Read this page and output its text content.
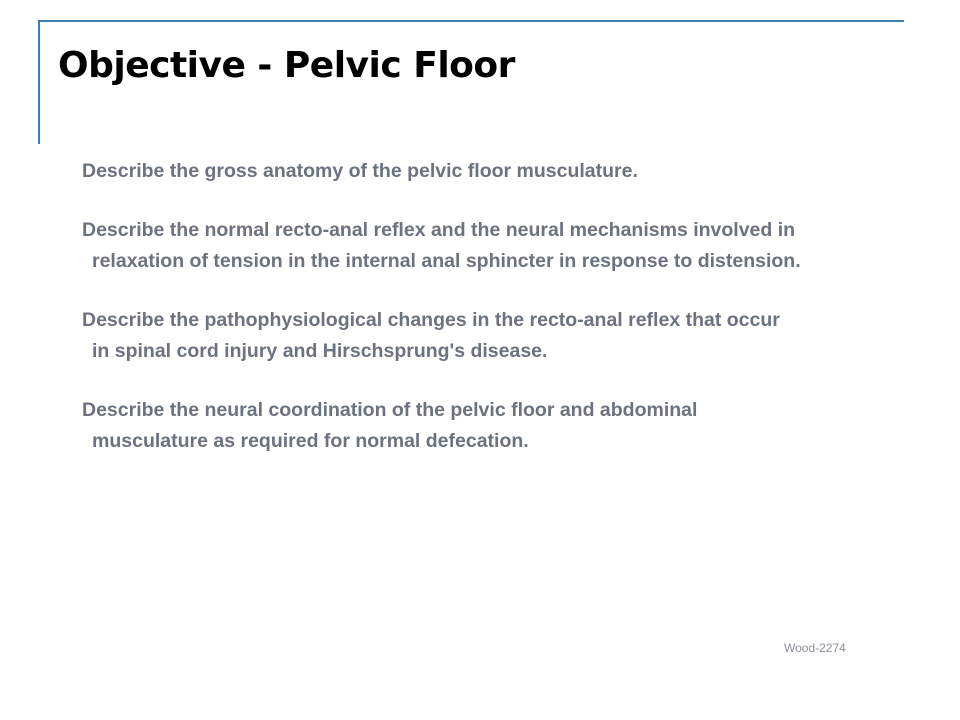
Objective - Pelvic Floor
Describe the gross anatomy of the pelvic floor musculature.
Describe the normal recto-anal reflex and the neural mechanisms involved in relaxation of tension in the internal anal sphincter in response to distension.
Describe the pathophysiological changes in the recto-anal reflex that occur in spinal cord injury and Hirschsprung's disease.
Describe the neural coordination of the pelvic floor and abdominal musculature as required for normal defecation.
Wood-2274
